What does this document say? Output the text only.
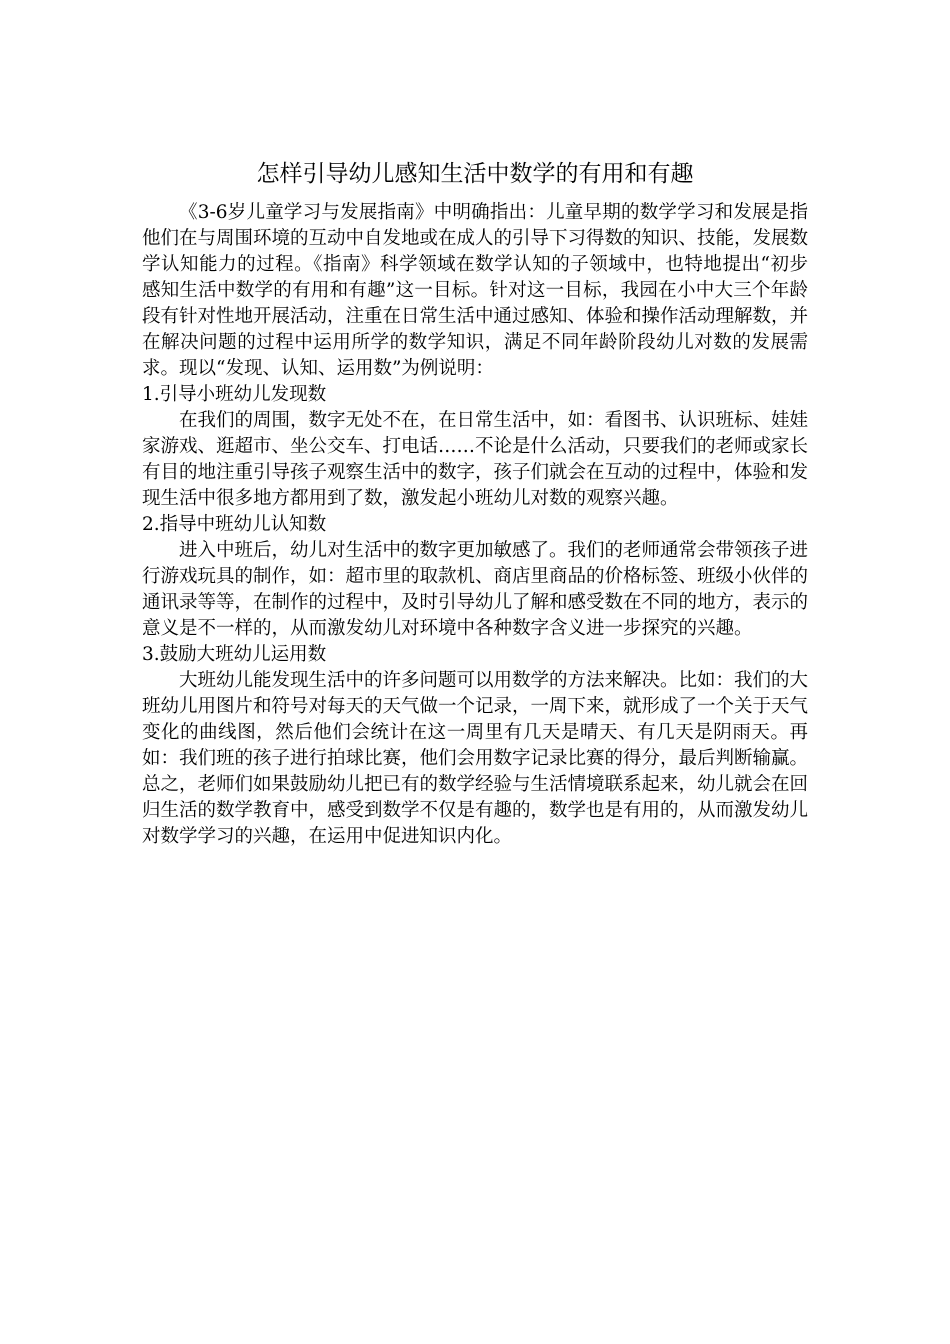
怎样引导幼儿感知生活中数学的有用和有趣

《3-6岁儿童学习与发展指南》中明确指出：儿童早期的数学学习和发展是指他们在与周围环境的互动中自发地或在成人的引导下习得数的知识、技能，发展数学认知能力的过程。《指南》科学领域在数学认知的子领域中，也特地提出“初步感知生活中数学的有用和有趣”这一目标。针对这一目标，我园在小中大三个年龄段有针对性地开展活动，注重在日常生活中通过感知、体验和操作活动理解数，并在解决问题的过程中运用所学的数学知识，满足不同年龄阶段幼儿对数的发展需求。现以“发现、认知、运用数”为例说明：

1.引导小班幼儿发现数

在我们的周围，数字无处不在，在日常生活中，如：看图书、认识班标、娃娃家游戏、逛超市、坐公交车、打电话……不论是什么活动，只要我们的老师或家长有目的地注重引导孩子观察生活中的数字，孩子们就会在互动的过程中，体验和发现生活中很多地方都用到了数，激发起小班幼儿对数的观察兴趣。

2.指导中班幼儿认知数

进入中班后，幼儿对生活中的数字更加敏感了。我们的老师通常会带领孩子进行游戏玩具的制作，如：超市里的取款机、商店里商品的价格标签、班级小伙伴的通讯录等等，在制作的过程中，及时引导幼儿了解和感受数在不同的地方，表示的意义是不一样的，从而激发幼儿对环境中各种数字含义进一步探究的兴趣。

3.鼓励大班幼儿运用数

大班幼儿能发现生活中的许多问题可以用数学的方法来解决。比如：我们的大班幼儿用图片和符号对每天的天气做一个记录，一周下来，就形成了一个关于天气变化的曲线图，然后他们会统计在这一周里有几天是晴天、有几天是阴雨天。再如：我们班的孩子进行拍球比赛，他们会用数字记录比赛的得分，最后判断输赢。总之，老师们如果鼓励幼儿把已有的数学经验与生活情境联系起来，幼儿就会在回归生活的数学教育中，感受到数学不仅是有趣的，数学也是有用的，从而激发幼儿对数学学习的兴趣，在运用中促进知识内化。
